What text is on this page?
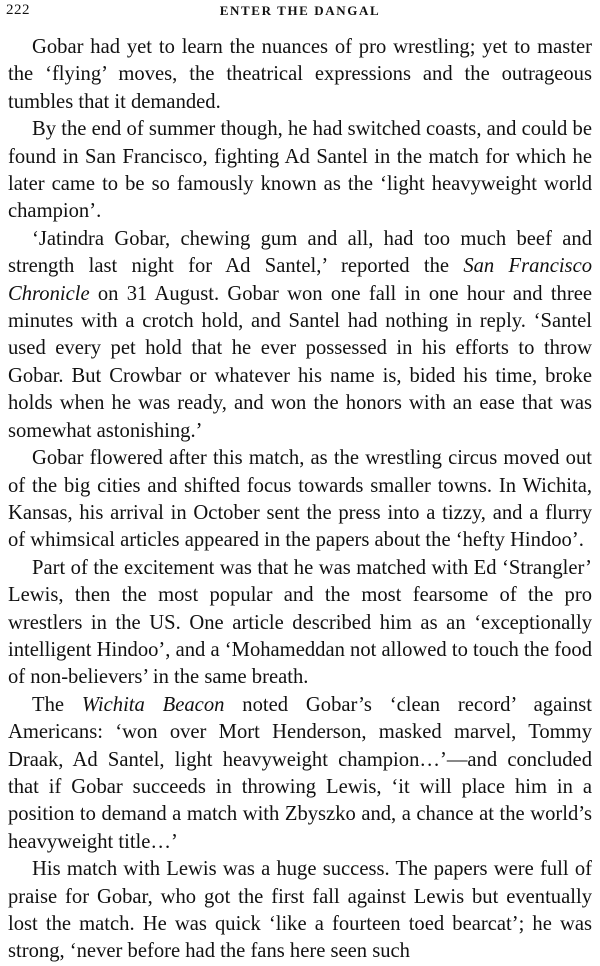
222	ENTER THE DANGAL

Gobar had yet to learn the nuances of pro wrestling; yet to master the ‘flying’ moves, the theatrical expressions and the outrageous tumbles that it demanded.

By the end of summer though, he had switched coasts, and could be found in San Francisco, fighting Ad Santel in the match for which he later came to be so famously known as the ‘light heavyweight world champion’.

‘Jatindra Gobar, chewing gum and all, had too much beef and strength last night for Ad Santel,’ reported the San Francisco Chronicle on 31 August. Gobar won one fall in one hour and three minutes with a crotch hold, and Santel had nothing in reply. ‘Santel used every pet hold that he ever possessed in his efforts to throw Gobar. But Crowbar or whatever his name is, bided his time, broke holds when he was ready, and won the honors with an ease that was somewhat astonishing.’

Gobar flowered after this match, as the wrestling circus moved out of the big cities and shifted focus towards smaller towns. In Wichita, Kansas, his arrival in October sent the press into a tizzy, and a flurry of whimsical articles appeared in the papers about the ‘hefty Hindoo’.

Part of the excitement was that he was matched with Ed ‘Strangler’ Lewis, then the most popular and the most fearsome of the pro wrestlers in the US. One article described him as an ‘exceptionally intelligent Hindoo’, and a ‘Mohameddan not allowed to touch the food of non-believers’ in the same breath.

The Wichita Beacon noted Gobar’s ‘clean record’ against Americans: ‘won over Mort Henderson, masked marvel, Tommy Draak, Ad Santel, light heavyweight champion…’—and concluded that if Gobar succeeds in throwing Lewis, ‘it will place him in a position to demand a match with Zbyszko and, a chance at the world’s heavyweight title…’

His match with Lewis was a huge success. The papers were full of praise for Gobar, who got the first fall against Lewis but eventually lost the match. He was quick ‘like a fourteen toed bearcat’; he was strong, ‘never before had the fans here seen such
